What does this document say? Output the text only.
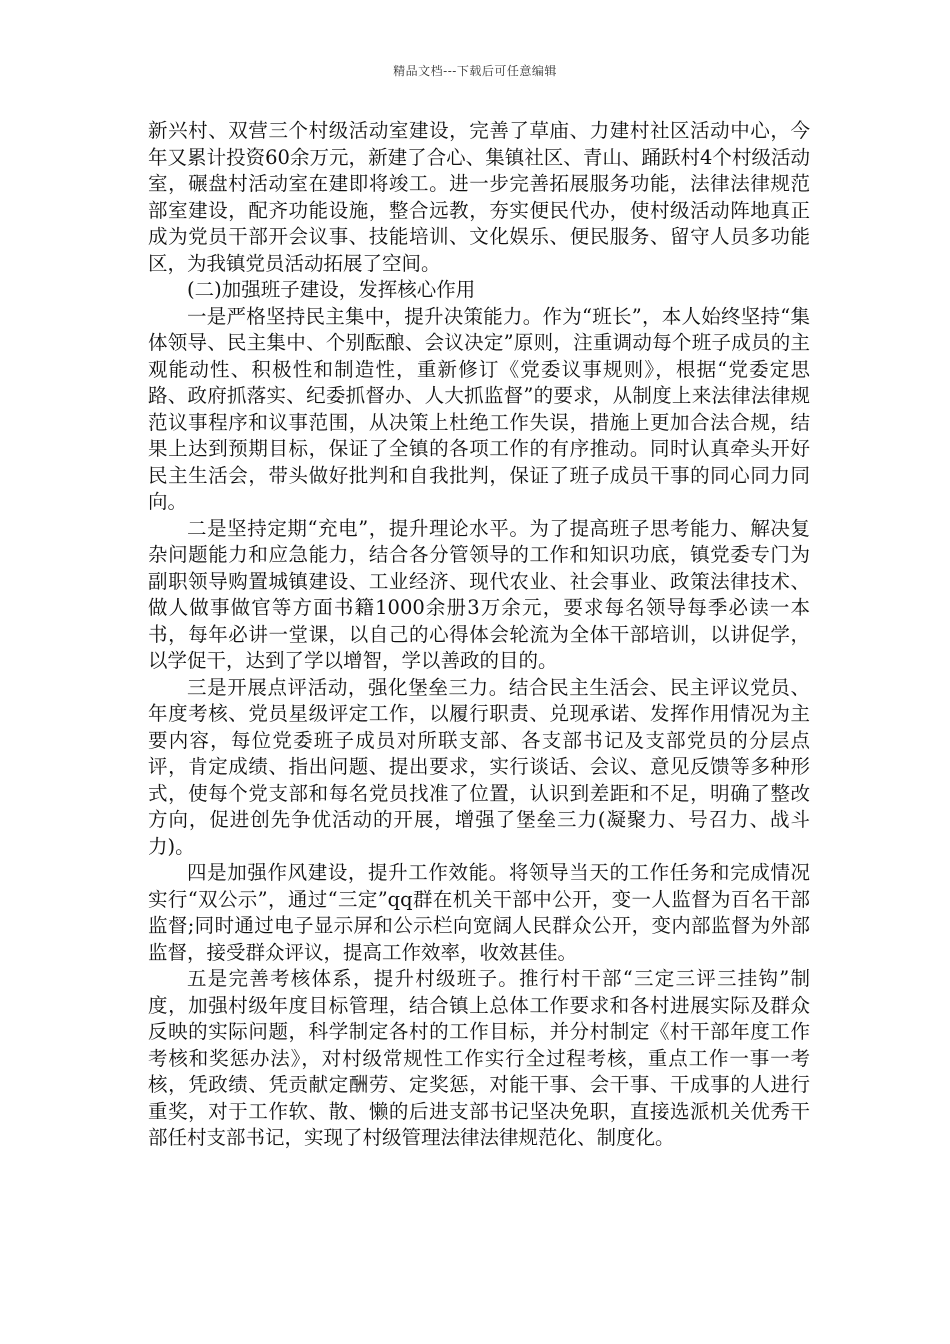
精品文档---下载后可任意编辑

新兴村、双营三个村级活动室建设，完善了草庙、力建村社区活动中心，今年又累计投资60余万元，新建了合心、集镇社区、青山、踊跃村4个村级活动室，碾盘村活动室在建即将竣工。进一步完善拓展服务功能，法律法律规范部室建设，配齐功能设施，整合远教，夯实便民代办，使村级活动阵地真正成为党员干部开会议事、技能培训、文化娱乐、便民服务、留守人员多功能区，为我镇党员活动拓展了空间。

(二)加强班子建设，发挥核心作用

一是严格坚持民主集中，提升决策能力。作为“班长”，本人始终坚持“集体领导、民主集中、个别酝酿、会议决定”原则，注重调动每个班子成员的主观能动性、积极性和制造性，重新修订《党委议事规则》，根据“党委定思路、政府抓落实、纪委抓督办、人大抓监督”的要求，从制度上来法律法律规范议事程序和议事范围，从决策上杜绝工作失误，措施上更加合法合规，结果上达到预期目标，保证了全镇的各项工作的有序推动。同时认真牵头开好民主生活会，带头做好批判和自我批判，保证了班子成员干事的同心同力同向。

二是坚持定期“充电”，提升理论水平。为了提高班子思考能力、解决复杂问题能力和应急能力，结合各分管领导的工作和知识功底，镇党委专门为副职领导购置城镇建设、工业经济、现代农业、社会事业、政策法律技术、做人做事做官等方面书籍1000余册3万余元，要求每名领导每季必读一本书，每年必讲一堂课，以自己的心得体会轮流为全体干部培训，以讲促学，以学促干，达到了学以增智，学以善政的目的。

三是开展点评活动，强化堡垒三力。结合民主生活会、民主评议党员、年度考核、党员星级评定工作，以履行职责、兑现承诺、发挥作用情况为主要内容，每位党委班子成员对所联支部、各支部书记及支部党员的分层点评，肯定成绩、指出问题、提出要求，实行谈话、会议、意见反馈等多种形式，使每个党支部和每名党员找准了位置，认识到差距和不足，明确了整改方向，促进创先争优活动的开展，增强了堡垒三力(凝聚力、号召力、战斗力)。

四是加强作风建设，提升工作效能。将领导当天的工作任务和完成情况实行“双公示”，通过“三定”qq群在机关干部中公开，变一人监督为百名干部监督;同时通过电子显示屏和公示栏向宽阔人民群众公开，变内部监督为外部监督，接受群众评议，提高工作效率，收效甚佳。

五是完善考核体系，提升村级班子。推行村干部“三定三评三挂钩”制度，加强村级年度目标管理，结合镇上总体工作要求和各村进展实际及群众反映的实际问题，科学制定各村的工作目标，并分村制定《村干部年度工作考核和奖惩办法》，对村级常规性工作实行全过程考核，重点工作一事一考核，凭政绩、凭贡献定酬劳、定奖惩，对能干事、会干事、干成事的人进行重奖，对于工作软、散、懒的后进支部书记坚决免职，直接选派机关优秀干部任村支部书记，实现了村级管理法律法律规范化、制度化。
